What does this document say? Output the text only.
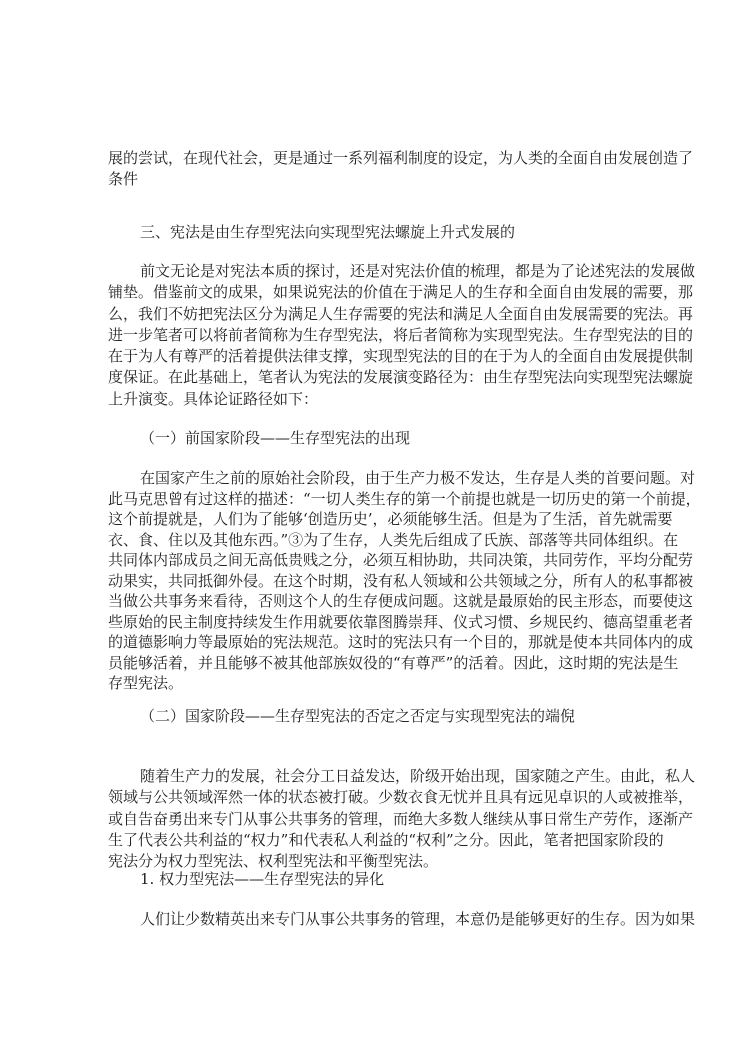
展的尝试，在现代社会，更是通过一系列福利制度的设定，为人类的全面自由发展创造了
条件
三、宪法是由生存型宪法向实现型宪法螺旋上升式发展的
前文无论是对宪法本质的探讨，还是对宪法价值的梳理，都是为了论述宪法的发展做
铺垫。借鉴前文的成果，如果说宪法的价值在于满足人的生存和全面自由发展的需要，那
么，我们不妨把宪法区分为满足人生存需要的宪法和满足人全面自由发展需要的宪法。再
进一步笔者可以将前者简称为生存型宪法，将后者简称为实现型宪法。生存型宪法的目的
在于为人有尊严的活着提供法律支撑，实现型宪法的目的在于为人的全面自由发展提供制
度保证。在此基础上，笔者认为宪法的发展演变路径为：由生存型宪法向实现型宪法螺旋
上升演变。具体论证路径如下：
（一）前国家阶段——生存型宪法的出现
在国家产生之前的原始社会阶段，由于生产力极不发达，生存是人类的首要问题。对
此马克思曾有过这样的描述：“一切人类生存的第一个前提也就是一切历史的第一个前提，
这个前提就是，人们为了能够‘创造历史’，必须能够生活。但是为了生活，首先就需要
衣、食、住以及其他东西。”③为了生存，人类先后组成了氏族、部落等共同体组织。在
共同体内部成员之间无高低贵贱之分，必须互相协助，共同决策，共同劳作，平均分配劳
动果实，共同抵御外侵。在这个时期，没有私人领域和公共领域之分，所有人的私事都被
当做公共事务来看待，否则这个人的生存便成问题。这就是最原始的民主形态，而要使这
些原始的民主制度持续发生作用就要依靠图腾崇拜、仪式习惯、乡规民约、德高望重老者
的道德影响力等最原始的宪法规范。这时的宪法只有一个目的，那就是使本共同体内的成
员能够活着，并且能够不被其他部族奴役的“有尊严”的活着。因此，这时期的宪法是生
存型宪法。
（二）国家阶段——生存型宪法的否定之否定与实现型宪法的端倪
随着生产力的发展，社会分工日益发达，阶级开始出现，国家随之产生。由此，私人
领域与公共领域浑然一体的状态被打破。少数衣食无忧并且具有远见卓识的人或被推举，
或自告奋勇出来专门从事公共事务的管理，而绝大多数人继续从事日常生产劳作，逐渐产
生了代表公共利益的“权力”和代表私人利益的“权利”之分。因此，笔者把国家阶段的
宪法分为权力型宪法、权利型宪法和平衡型宪法。
1. 权力型宪法——生存型宪法的异化
人们让少数精英出来专门从事公共事务的管理，本意仍是能够更好的生存。因为如果
